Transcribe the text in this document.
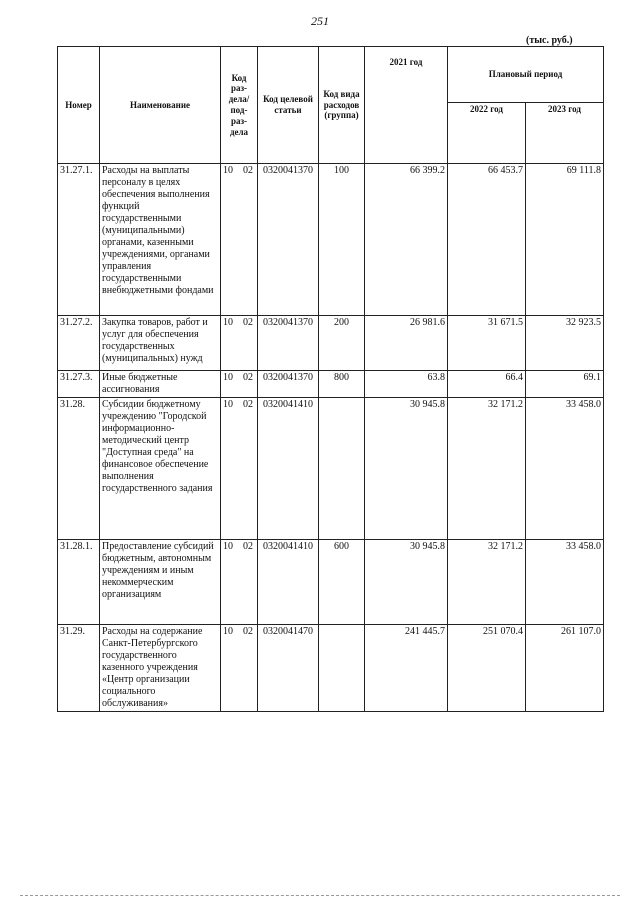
251
(тыс. руб.)
Номер	Наименование	Код раз- дела/ под- раз- дела	Код целевой статьи	Код вида расходов (группа)	2021 год	Плановый период	
						2022 год	2023 год
31.27.1.	Расходы на выплаты персоналу в целях обеспечения выполнения функций государственными (муниципальными) органами, казенными учреждениями, органами управления государственными внебюджетными фондами	10 02	0320041370	100	66 399.2	66 453.7	69 111.8
31.27.2.	Закупка товаров, работ и услуг для обеспечения государственных (муниципальных) нужд	10 02	0320041370	200	26 981.6	31 671.5	32 923.5
31.27.3.	Иные бюджетные ассигнования	10 02	0320041370	800	63.8	66.4	69.1
31.28.	Субсидии бюджетному учреждению "Городской информационно-методический центр "Доступная среда" на финансовое обеспечение выполнения государственного задания	10 02	0320041410		30 945.8	32 171.2	33 458.0
31.28.1.	Предоставление субсидий бюджетным, автономным учреждениям и иным некоммерческим организациям	10 02	0320041410	600	30 945.8	32 171.2	33 458.0
31.29.	Расходы на содержание Санкт-Петербургского государственного казенного учреждения «Центр организации социального обслуживания»	10 02	0320041470		241 445.7	251 070.4	261 107.0
